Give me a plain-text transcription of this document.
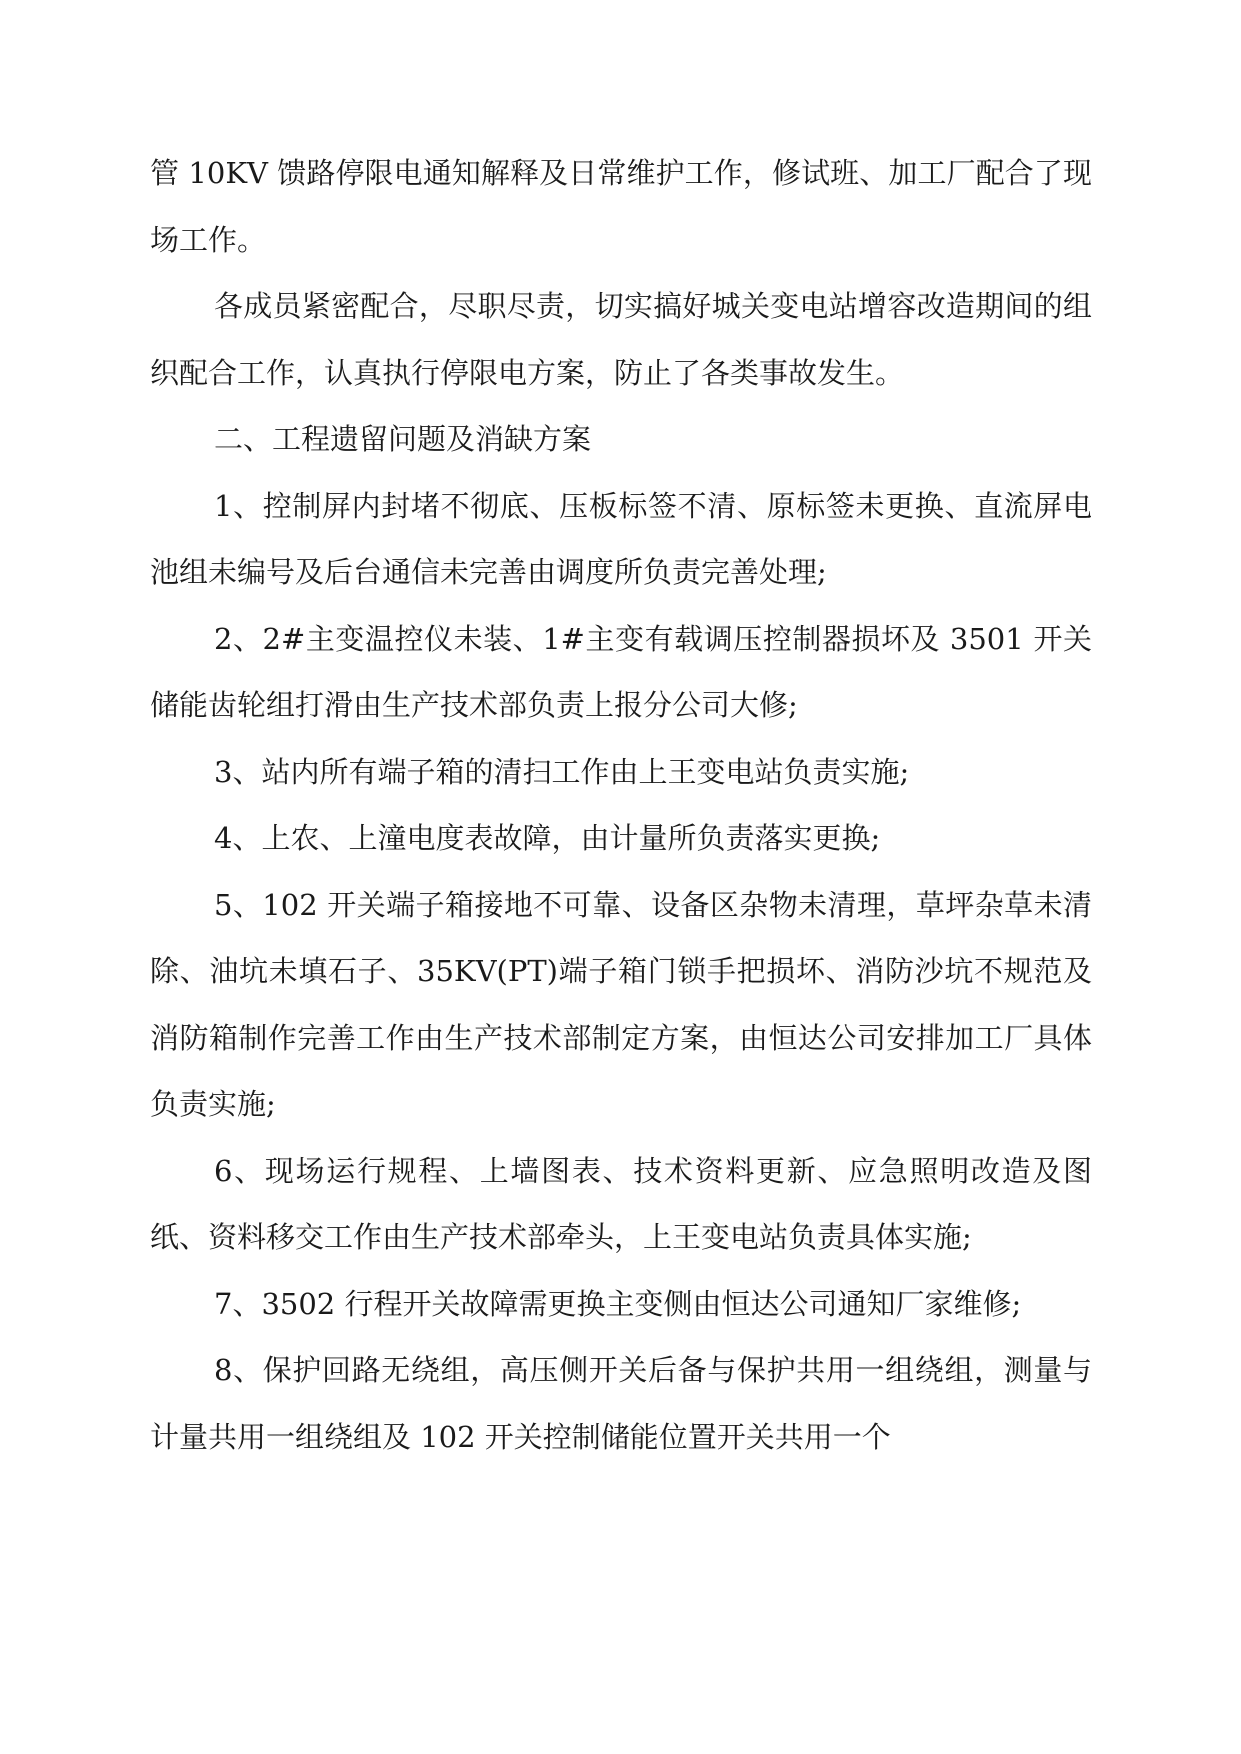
管 10KV 馈路停限电通知解释及日常维护工作，修试班、加工厂配合了现场工作。

各成员紧密配合，尽职尽责，切实搞好城关变电站增容改造期间的组织配合工作，认真执行停限电方案，防止了各类事故发生。

二、工程遗留问题及消缺方案

1、控制屏内封堵不彻底、压板标签不清、原标签未更换、直流屏电池组未编号及后台通信未完善由调度所负责完善处理;

2、2#主变温控仪未装、1#主变有载调压控制器损坏及 3501 开关储能齿轮组打滑由生产技术部负责上报分公司大修;

3、站内所有端子箱的清扫工作由上王变电站负责实施;

4、上农、上潼电度表故障，由计量所负责落实更换;

5、102 开关端子箱接地不可靠、设备区杂物未清理，草坪杂草未清除、油坑未填石子、35KV(PT)端子箱门锁手把损坏、消防沙坑不规范及消防箱制作完善工作由生产技术部制定方案，由恒达公司安排加工厂具体负责实施;

6、现场运行规程、上墙图表、技术资料更新、应急照明改造及图纸、资料移交工作由生产技术部牵头，上王变电站负责具体实施;

7、3502 行程开关故障需更换主变侧由恒达公司通知厂家维修;

8、保护回路无绕组，高压侧开关后备与保护共用一组绕组，测量与计量共用一组绕组及 102 开关控制储能位置开关共用一个
